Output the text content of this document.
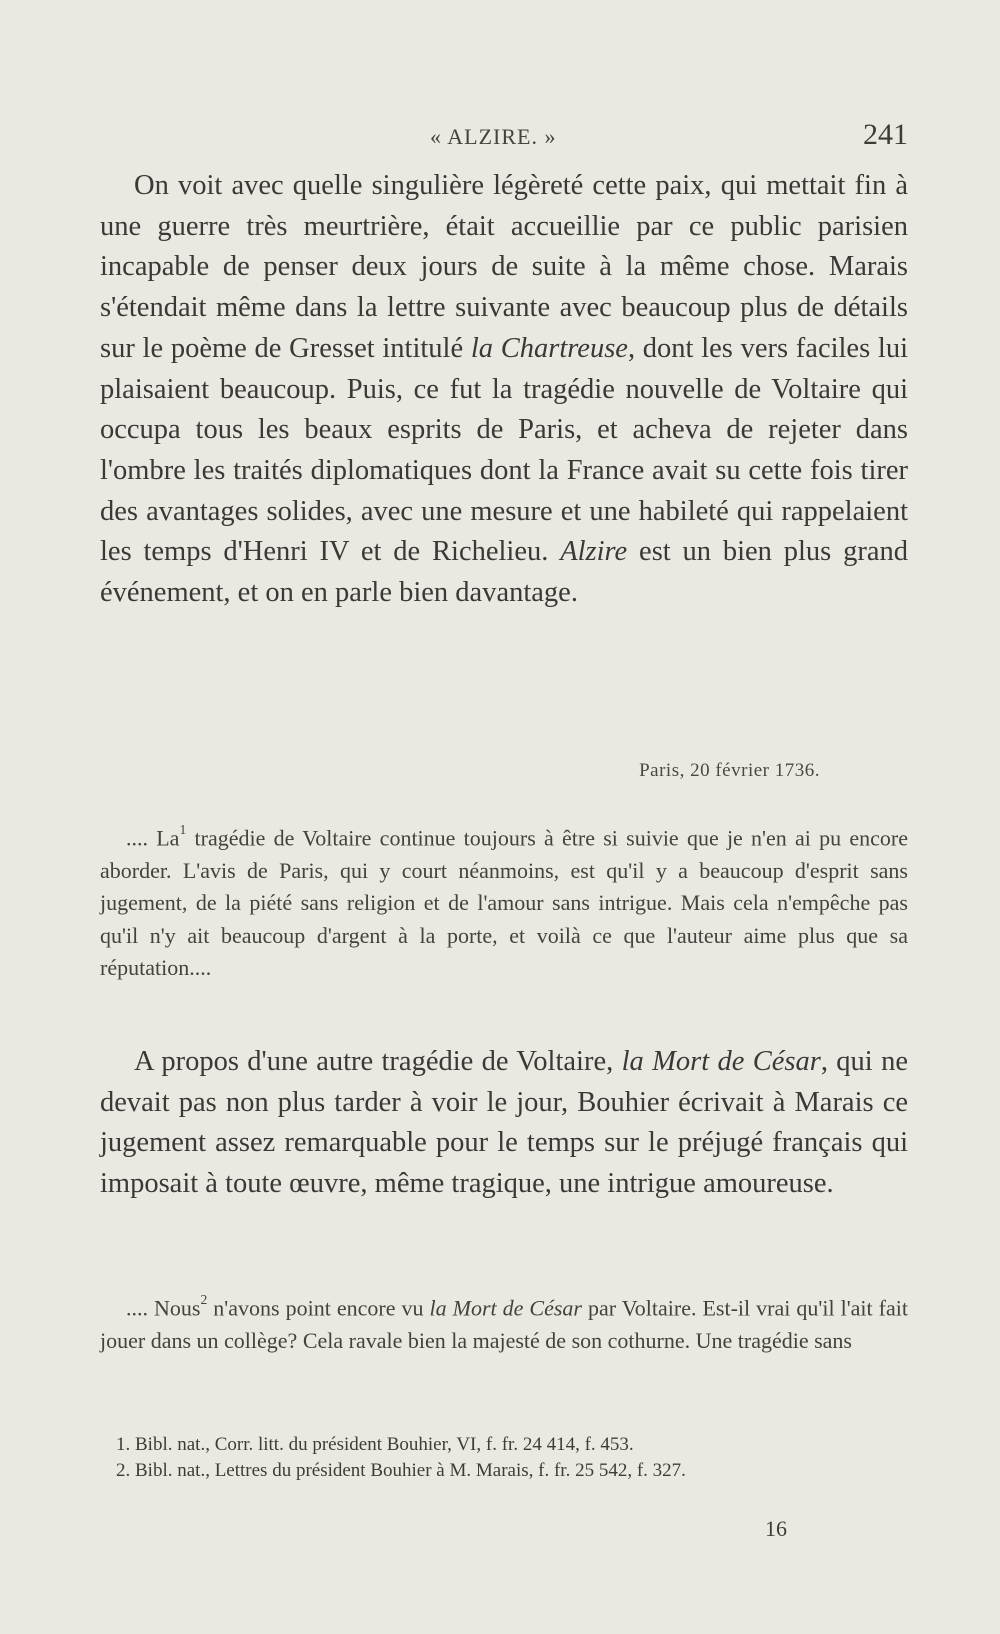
« ALZIRE. »	241

On voit avec quelle singulière légèreté cette paix, qui mettait fin à une guerre très meurtrière, était accueillie par ce public parisien incapable de penser deux jours de suite à la même chose. Marais s'étendait même dans la lettre suivante avec beaucoup plus de détails sur le poème de Gresset intitulé la Chartreuse, dont les vers faciles lui plaisaient beaucoup. Puis, ce fut la tragédie nouvelle de Voltaire qui occupa tous les beaux esprits de Paris, et acheva de rejeter dans l'ombre les traités diplomatiques dont la France avait su cette fois tirer des avantages solides, avec une mesure et une habileté qui rappelaient les temps d'Henri IV et de Richelieu. Alzire est un bien plus grand événement, et on en parle bien davantage.

Paris, 20 février 1736.

.... La$^1$ tragédie de Voltaire continue toujours à être si suivie que je n'en ai pu encore aborder. L'avis de Paris, qui y court néanmoins, est qu'il y a beaucoup d'esprit sans jugement, de la piété sans religion et de l'amour sans intrigue. Mais cela n'empêche pas qu'il n'y ait beaucoup d'argent à la porte, et voilà ce que l'auteur aime plus que sa réputation....

A propos d'une autre tragédie de Voltaire, la Mort de César, qui ne devait pas non plus tarder à voir le jour, Bouhier écrivait à Marais ce jugement assez remarquable pour le temps sur le préjugé français qui imposait à toute œuvre, même tragique, une intrigue amoureuse.

.... Nous$^2$ n'avons point encore vu la Mort de César par Voltaire. Est-il vrai qu'il l'ait fait jouer dans un collège? Cela ravale bien la majesté de son cothurne. Une tragédie sans

1. Bibl. nat., Corr. litt. du président Bouhier, VI, f. fr. 24 414, f. 453.

2. Bibl. nat., Lettres du président Bouhier à M. Marais, f. fr. 25 542, f. 327.

16
